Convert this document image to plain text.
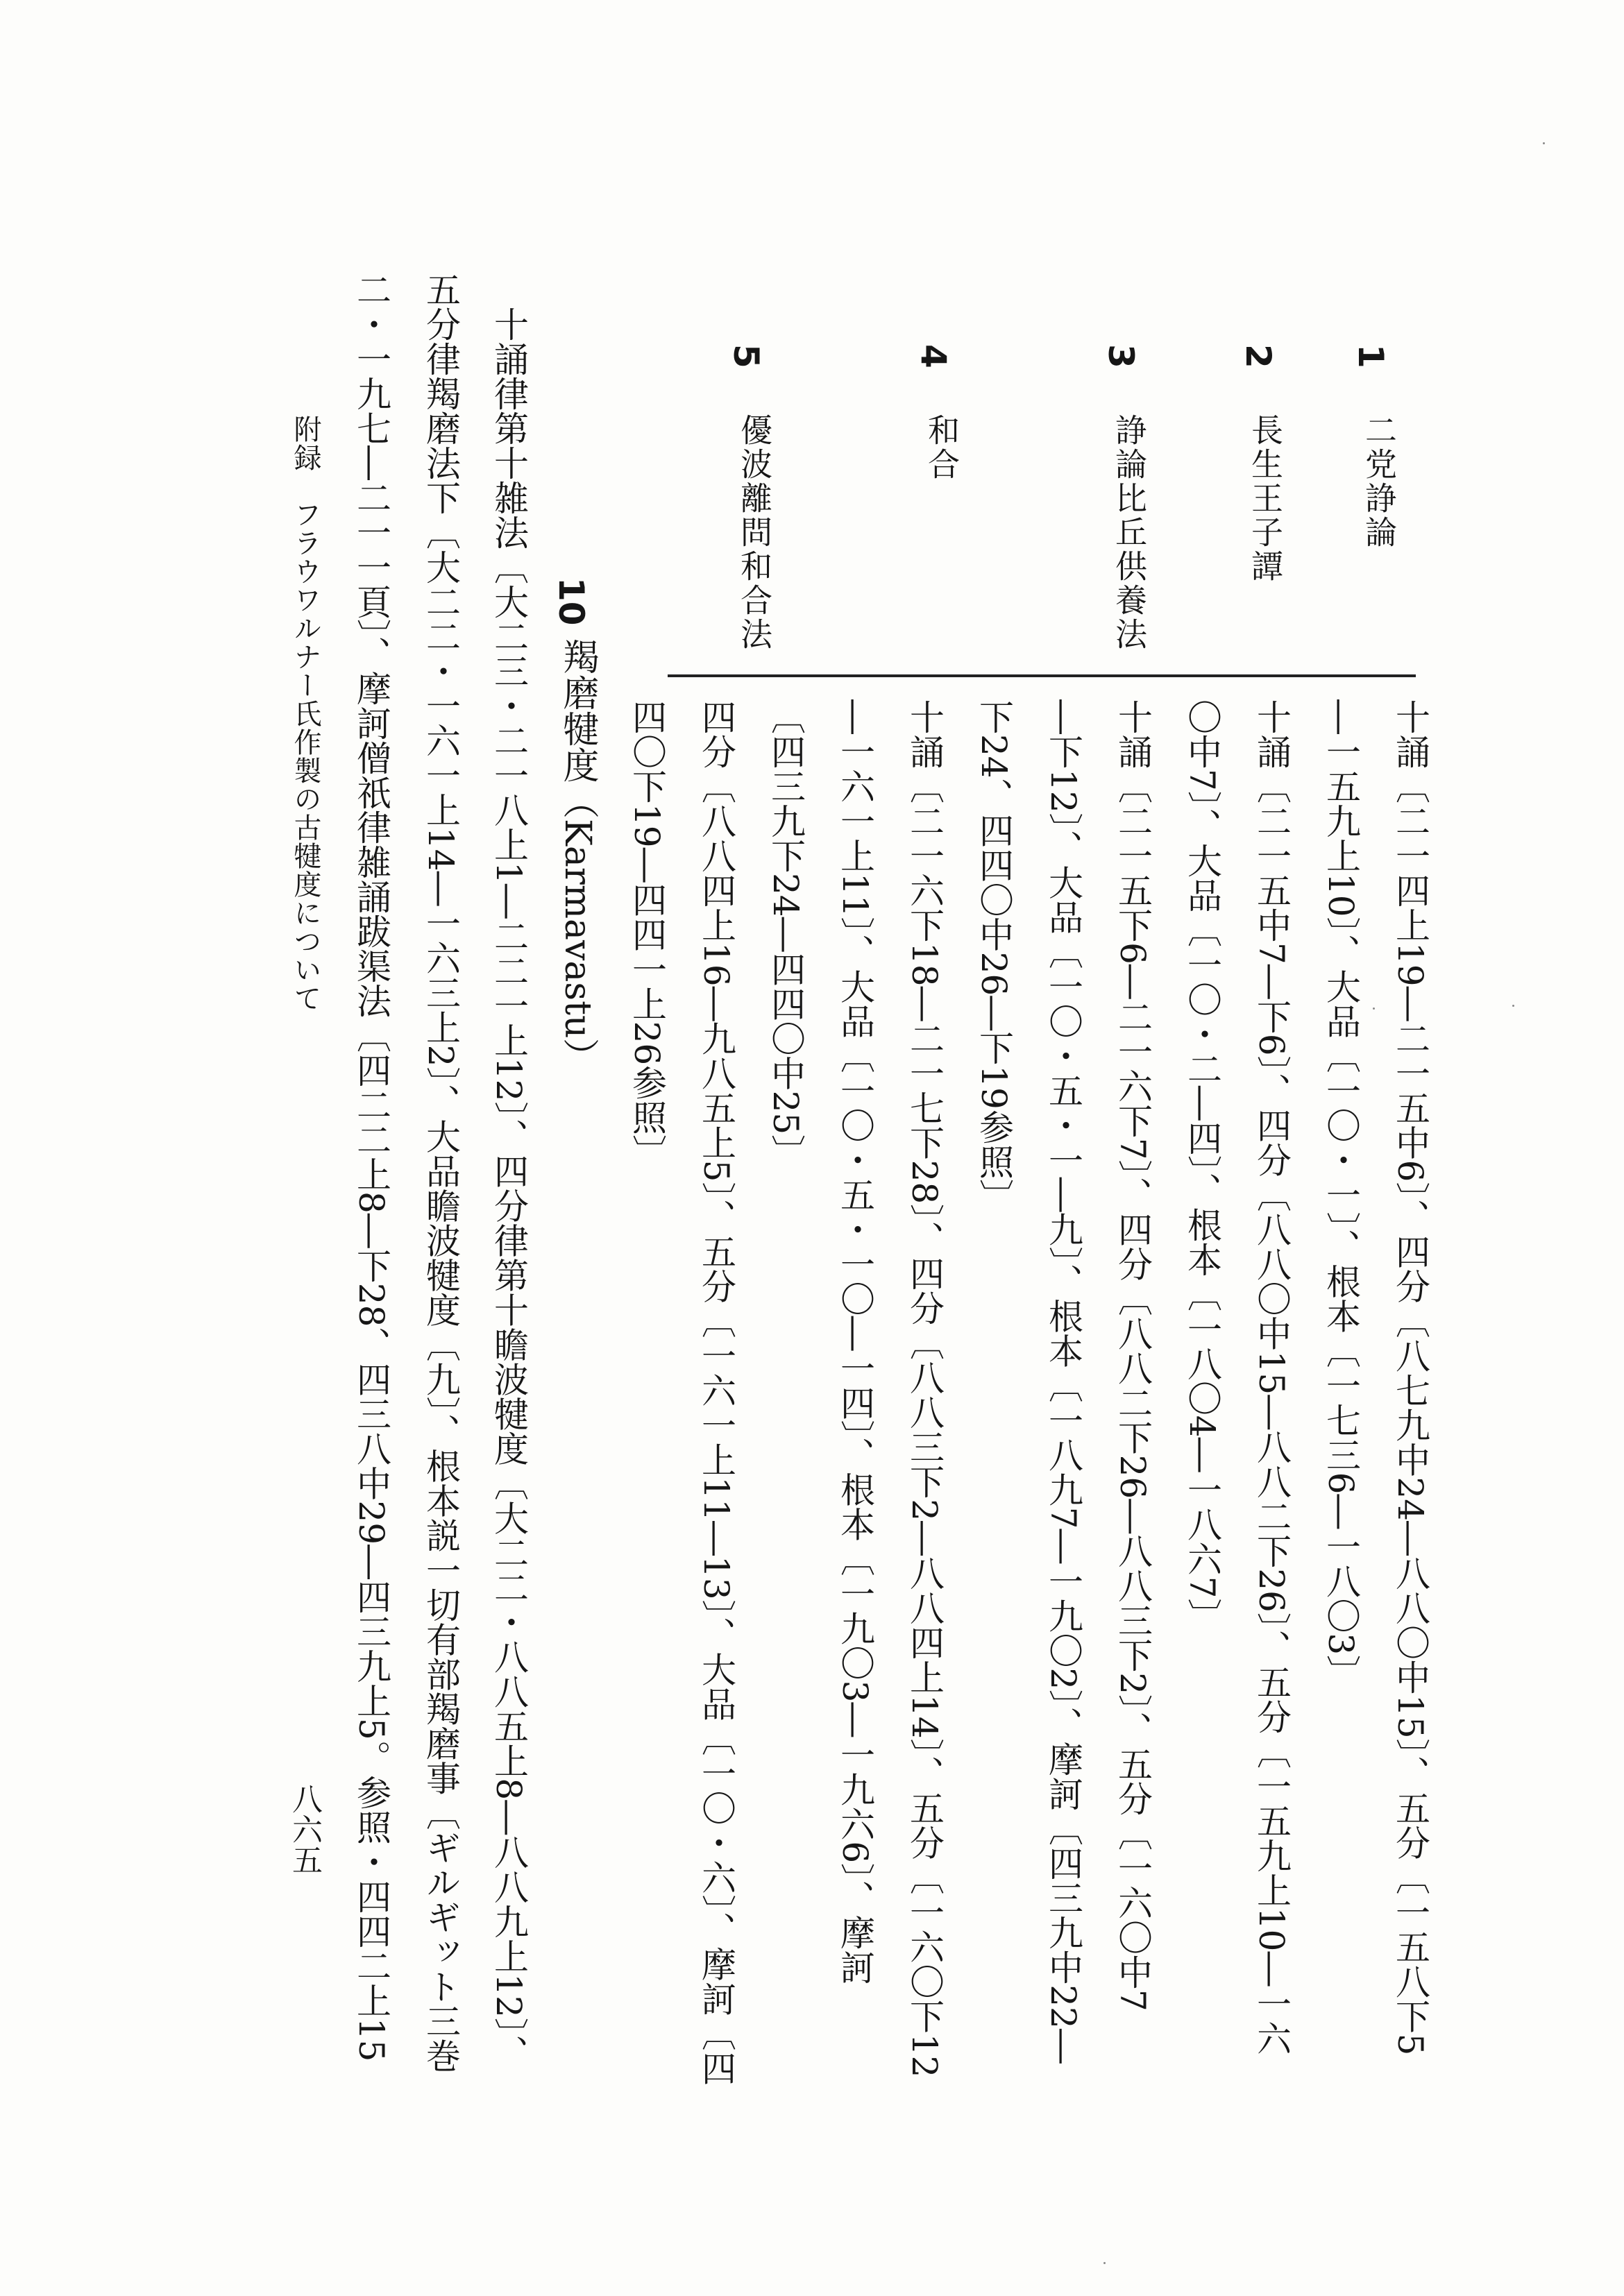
1
二党諍論
十誦〔二一四上19―二一五中6〕、四分〔八七九中24―八八〇中15〕、五分〔一五八下5
―一五九上10〕、大品〔一〇・一〕、根本〔一七三6―一八〇3〕
2
長生王子譚
十誦〔二一五中7―下6〕、四分〔八八〇中15―八八二下26〕、五分〔一五九上10―一六
〇中7〕、大品〔一〇・二―四〕、根本〔一八〇4―一八六7〕
3
諍論比丘供養法
十誦〔二一五下6―二一六下7〕、四分〔八八二下26―八八三下2〕、五分〔一六〇中7
―下12〕、大品〔一〇・五・一―九〕、根本〔一八九7―一九〇2〕、摩訶〔四三九中22―
下24、四四〇中26―下19参照〕
4
和合
十誦〔二一六下18―二一七下28〕、四分〔八八三下2―八八四上14〕、五分〔一六〇下12
―一六一上11〕、大品〔一〇・五・一〇―一四〕、根本〔一九〇3―一九六6〕、摩訶
〔四三九下24―四四〇中25〕
5
優波離問和合法
四分〔八八四上16―九八五上5〕、五分〔一六一上11―13〕、大品〔一〇・六〕、摩訶〔四
四〇下19―四四一上26参照〕
10
羯磨犍度（Karmavastu）
十誦律第十雑法〔大二三・二一八上1―二二一上12〕、四分律第十瞻波犍度〔大二二・八八五上8―八八九上12〕、
五分律羯磨法下〔大二二・一六一上14―一六三上2〕、大品瞻波犍度〔九〕、根本説一切有部羯磨事〔ギルギット三巻
二・一九七―二一一頁〕、摩訶僧祇律雑誦跋渠法〔四二二上8―下28、四三八中29―四三九上5。参照・四四二上15
附録　フラウワルナー氏作製の古犍度について
八六五
